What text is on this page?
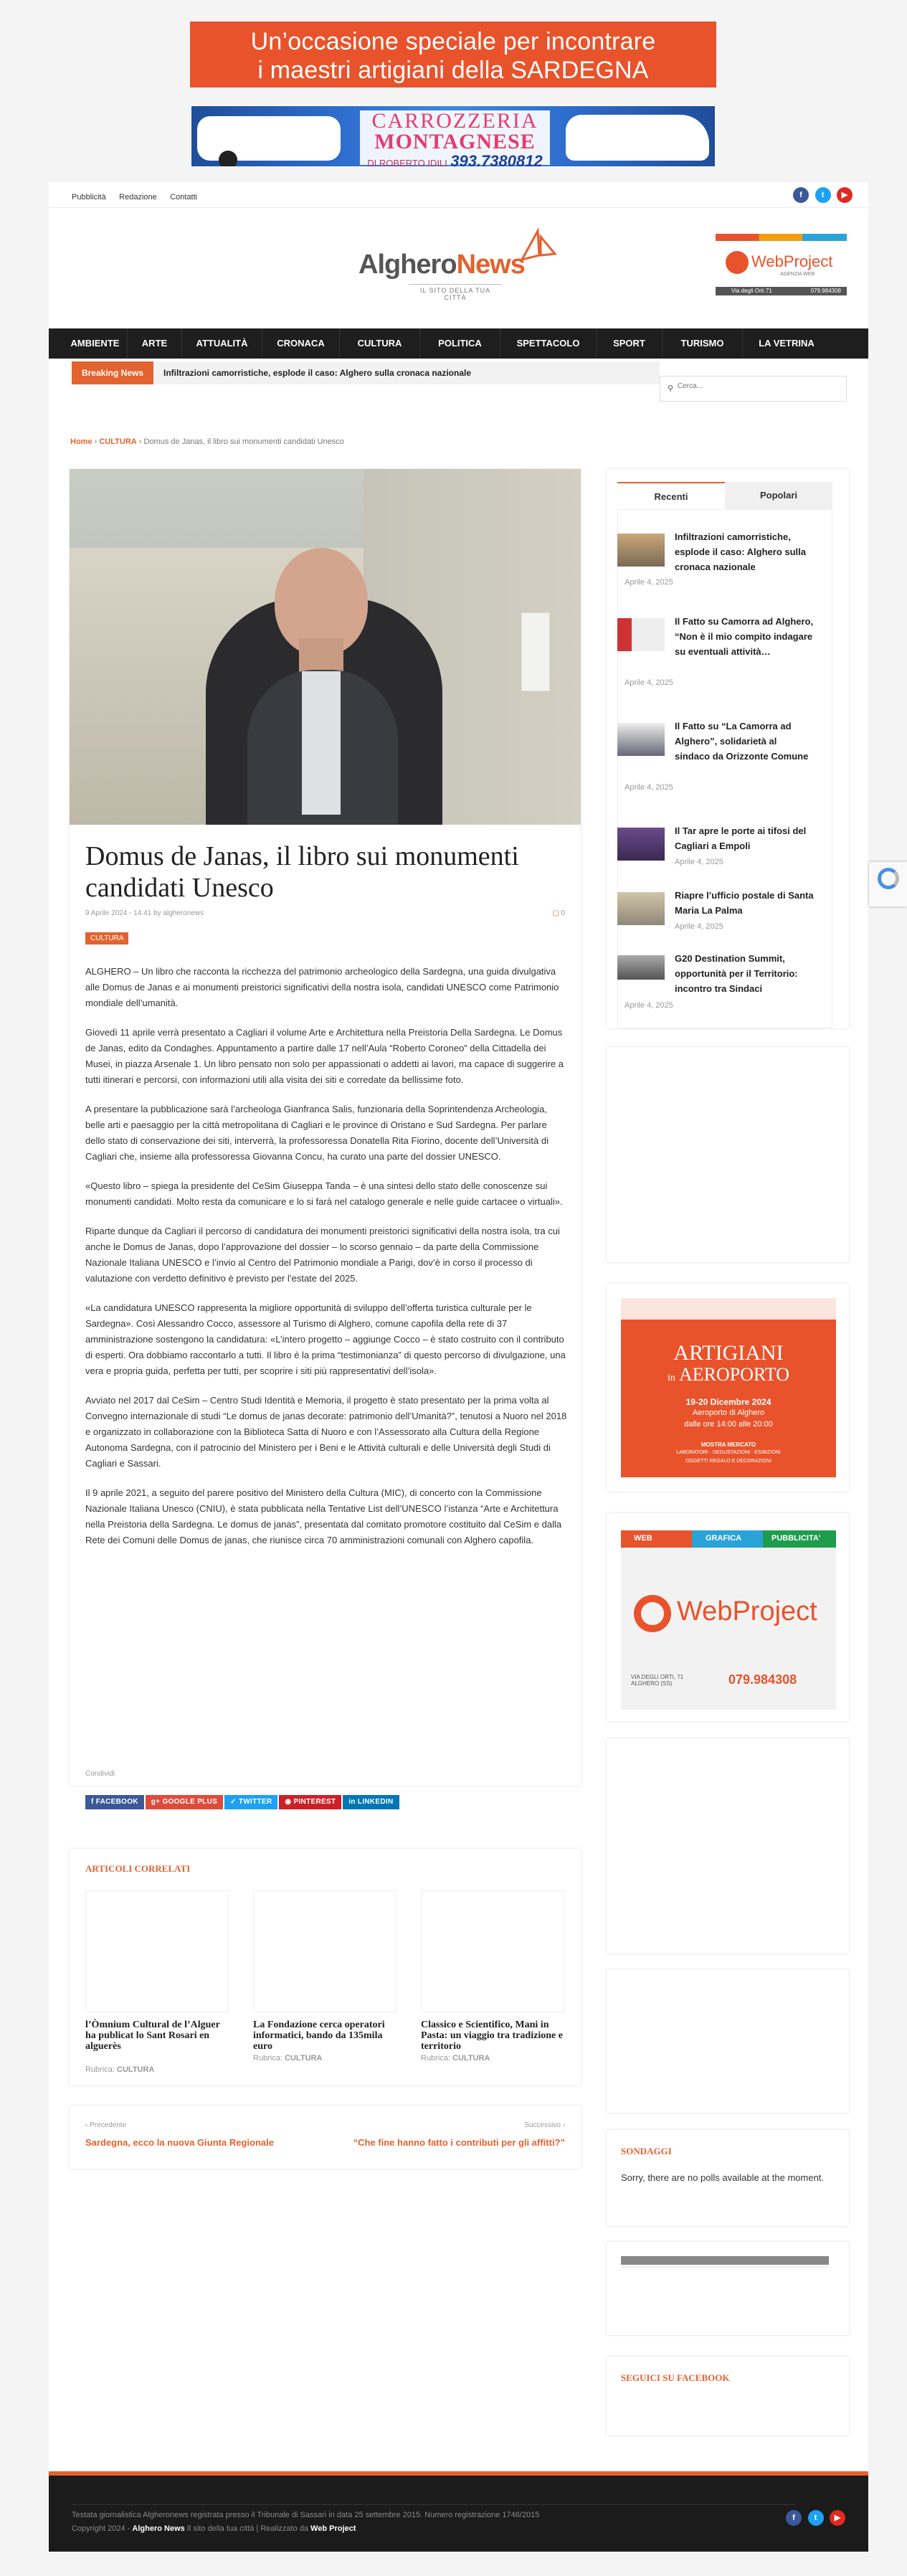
Un’occasione speciale per incontrare
i maestri artigiani della SARDEGNA
CARROZZERIA
MONTAGNESE
DI ROBERTO IDILI 393.7380812
Pubblicità Redazione Contatti	f t ▶
AlgheroNews
IL SITO DELLA TUA CITTÀ
WebProject
AGENZIA WEB
Via degli Orti 71	079.984308
AMBIENTE	ARTE	ATTUALITÀ	CRONACA	CULTURA	POLITICA	SPETTACOLO	SPORT	TURISMO	LA VETRINA
Breaking News	Infiltrazioni camorristiche, esplode il caso: Alghero sulla cronaca nazionale
⚲
Cerca...
Home › CULTURA › Domus de Janas, il libro sui monumenti candidati Unesco
Domus de Janas, il libro sui monumenti candidati Unesco
9 Aprile 2024 - 14:41 by algheronews	▢ 0
CULTURA

ALGHERO – Un libro che racconta la ricchezza del patrimonio archeologico della Sardegna, una guida divulgativa alle Domus de Janas e ai monumenti preistorici significativi della nostra isola, candidati UNESCO come Patrimonio mondiale dell’umanità.

Giovedì 11 aprile verrà presentato a Cagliari il volume Arte e Architettura nella Preistoria Della Sardegna. Le Domus de Janas, edito da Condaghes. Appuntamento a partire dalle 17 nell’Aula “Roberto Coroneo” della Cittadella dei Musei, in piazza Arsenale 1. Un libro pensato non solo per appassionati o addetti ai lavori, ma capace di suggerire a tutti itinerari e percorsi, con informazioni utili alla visita dei siti e corredate da bellissime foto.

A presentare la pubblicazione sarà l’archeologa Gianfranca Salis, funzionaria della Soprintendenza Archeologia, belle arti e paesaggio per la città metropolitana di Cagliari e le province di Oristano e Sud Sardegna. Per parlare dello stato di conservazione dei siti, interverrà, la professoressa Donatella Rita Fiorino, docente dell’Università di Cagliari che, insieme alla professoressa Giovanna Concu, ha curato una parte del dossier UNESCO.

«Questo libro – spiega la presidente del CeSim Giuseppa Tanda – è una sintesi dello stato delle conoscenze sui monumenti candidati. Molto resta da comunicare e lo si farà nel catalogo generale e nelle guide cartacee o virtuali».

Riparte dunque da Cagliari il percorso di candidatura dei monumenti preistorici significativi della nostra isola, tra cui anche le Domus de Janas, dopo l’approvazione del dossier – lo scorso gennaio – da parte della Commissione Nazionale Italiana UNESCO e l’invio al Centro del Patrimonio mondiale a Parigi, dov’è in corso il processo di valutazione con verdetto definitivo è previsto per l’estate del 2025.

«La candidatura UNESCO rappresenta la migliore opportunità di sviluppo dell’offerta turistica culturale per le Sardegna». Così Alessandro Cocco, assessore al Turismo di Alghero, comune capofila della rete di 37 amministrazione sostengono la candidatura: «L’intero progetto – aggiunge Cocco – è stato costruito con il contributo di esperti. Ora dobbiamo raccontarlo a tutti. Il libro è la prima “testimonianza” di questo percorso di divulgazione, una vera e propria guida, perfetta per tutti, per scoprire i siti più rappresentativi dell’isola».

Avviato nel 2017 dal CeSim – Centro Studi Identità e Memoria, il progetto è stato presentato per la prima volta al Convegno internazionale di studi “Le domus de janas decorate: patrimonio dell’Umanità?”, tenutosi a Nuoro nel 2018 e organizzato in collaborazione con la Biblioteca Satta di Nuoro e con l’Assessorato alla Cultura della Regione Autonoma Sardegna, con il patrocinio del Ministero per i Beni e le Attività culturali e delle Università degli Studi di Cagliari e Sassari.

Il 9 aprile 2021, a seguito del parere positivo del Ministero della Cultura (MIC), di concerto con la Commissione Nazionale Italiana Unesco (CNIU), è stata pubblicata nella Tentative List dell’UNESCO l’istanza “Arte e Architettura nella Preistoria della Sardegna. Le domus de janas”, presentata dal comitato promotore costituito dal CeSim e dalla Rete dei Comuni delle Domus de janas, che riunisce circa 70 amministrazioni comunali con Alghero capofila.

Condividi
f FACEBOOK g+ GOOGLE PLUS ✓ TWITTER ◉ PINTEREST in LINKEDIN
ARTICOLI CORRELATI
l’Òmnium Cultural de l’Alguer ha publicat lo Sant Rosari en alguerès
Rubrica: CULTURA
La Fondazione cerca operatori informatici, bando da 135mila euro
Rubrica: CULTURA
Classico e Scientifico, Mani in Pasta: un viaggio tra tradizione e territorio
Rubrica: CULTURA
‹ Precedente
Sardegna, ecco la nuova Giunta Regionale
Successivo ›
“Che fine hanno fatto i contributi per gli affitti?”
Recenti	Popolari
Infiltrazioni camorristiche, esplode il caso: Alghero sulla cronaca nazionale
Aprile 4, 2025
Il Fatto su Camorra ad Alghero, “Non è il mio compito indagare su eventuali attività…
Aprile 4, 2025
Il Fatto su “La Camorra ad Alghero”, solidarietà al sindaco da Orizzonte Comune
Aprile 4, 2025
Il Tar apre le porte ai tifosi del Cagliari a Empoli
Aprile 4, 2025
Riapre l’ufficio postale di Santa Maria La Palma
Aprile 4, 2025
G20 Destination Summit, opportunità per il Territorio: incontro tra Sindaci
Aprile 4, 2025
ARTIGIANI
in AEROPORTO
19-20 Dicembre 2024
Aeroporto di Alghero
dalle ore 14:00 alle 20:00
MOSTRA MERCATO
LABORATORI · DEGUSTAZIONI · ESIBIZIONI
OGGETTI REGALO E DECORAZIONI
WEB	GRAFICA	PUBBLICITA'
WebProject
VIA DEGLI ORTI, 71 ALGHERO (SS)	079.984308
SONDAGGI
Sorry, there are no polls available at the moment.
SEGUICI SU FACEBOOK
Testata giornalistica Algheronews registrata presso il Tribunale di Sassari in data 25 settembre 2015. Numero registrazione 1746/2015
Copyright 2024 - Alghero News Il sito della tua città | Realizzato da Web Project
f t ▶
